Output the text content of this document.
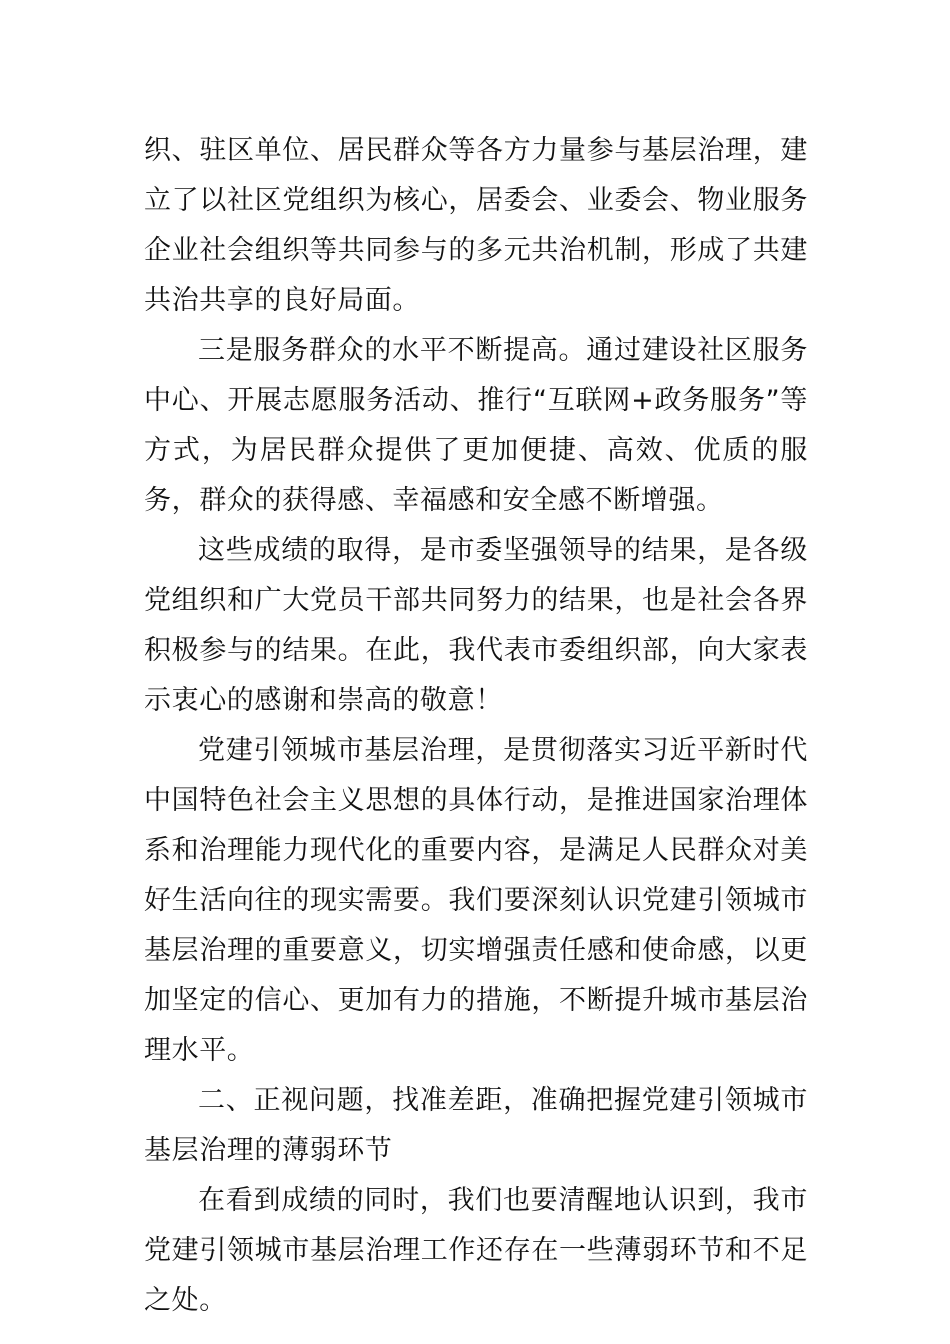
织、驻区单位、居民群众等各方力量参与基层治理，建立了以社区党组织为核心，居委会、业委会、物业服务企业社会组织等共同参与的多元共治机制，形成了共建共治共享的良好局面。

三是服务群众的水平不断提高。通过建设社区服务中心、开展志愿服务活动、推行“互联网+政务服务”等方式，为居民群众提供了更加便捷、高效、优质的服务，群众的获得感、幸福感和安全感不断增强。

这些成绩的取得，是市委坚强领导的结果，是各级党组织和广大党员干部共同努力的结果，也是社会各界积极参与的结果。在此，我代表市委组织部，向大家表示衷心的感谢和崇高的敬意！

党建引领城市基层治理，是贯彻落实习近平新时代中国特色社会主义思想的具体行动，是推进国家治理体系和治理能力现代化的重要内容，是满足人民群众对美好生活向往的现实需要。我们要深刻认识党建引领城市基层治理的重要意义，切实增强责任感和使命感，以更加坚定的信心、更加有力的措施，不断提升城市基层治理水平。

二、正视问题，找准差距，准确把握党建引领城市基层治理的薄弱环节

在看到成绩的同时，我们也要清醒地认识到，我市党建引领城市基层治理工作还存在一些薄弱环节和不足之处。
